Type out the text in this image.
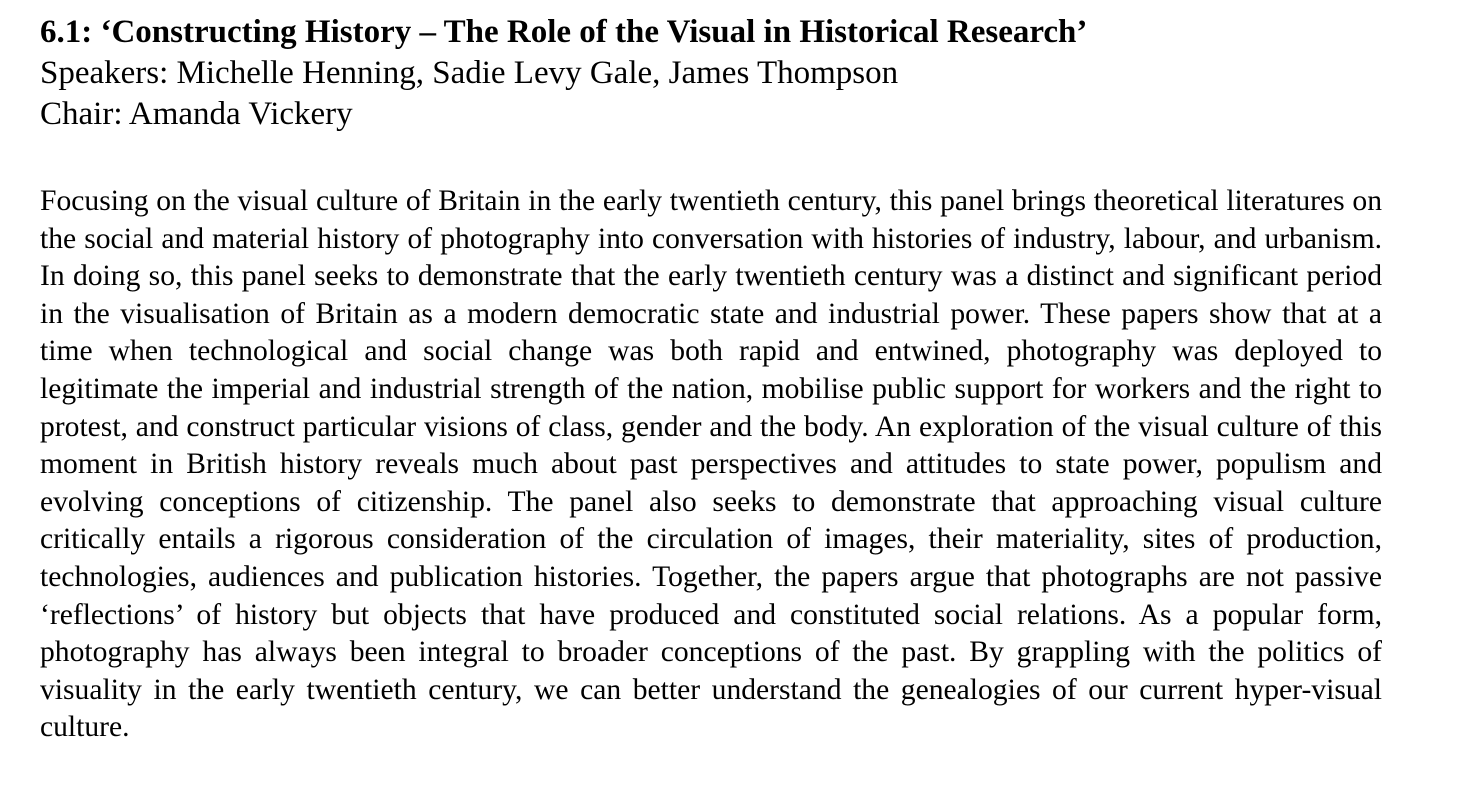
6.1: ‘Constructing History – The Role of the Visual in Historical Research’

Speakers: Michelle Henning, Sadie Levy Gale, James Thompson

Chair: Amanda Vickery

Focusing on the visual culture of Britain in the early twentieth century, this panel brings theoretical literatures on the social and material history of photography into conversation with histories of industry, labour, and urbanism. In doing so, this panel seeks to demonstrate that the early twentieth century was a distinct and significant period in the visualisation of Britain as a modern democratic state and industrial power. These papers show that at a time when technological and social change was both rapid and entwined, photography was deployed to legitimate the imperial and industrial strength of the nation, mobilise public support for workers and the right to protest, and construct particular visions of class, gender and the body. An exploration of the visual culture of this moment in British history reveals much about past perspectives and attitudes to state power, populism and evolving conceptions of citizenship. The panel also seeks to demonstrate that approaching visual culture critically entails a rigorous consideration of the circulation of images, their materiality, sites of production, technologies, audiences and publication histories. Together, the papers argue that photographs are not passive ‘reflections’ of history but objects that have produced and constituted social relations. As a popular form, photography has always been integral to broader conceptions of the past. By grappling with the politics of visuality in the early twentieth century, we can better understand the genealogies of our current hyper-visual culture.
